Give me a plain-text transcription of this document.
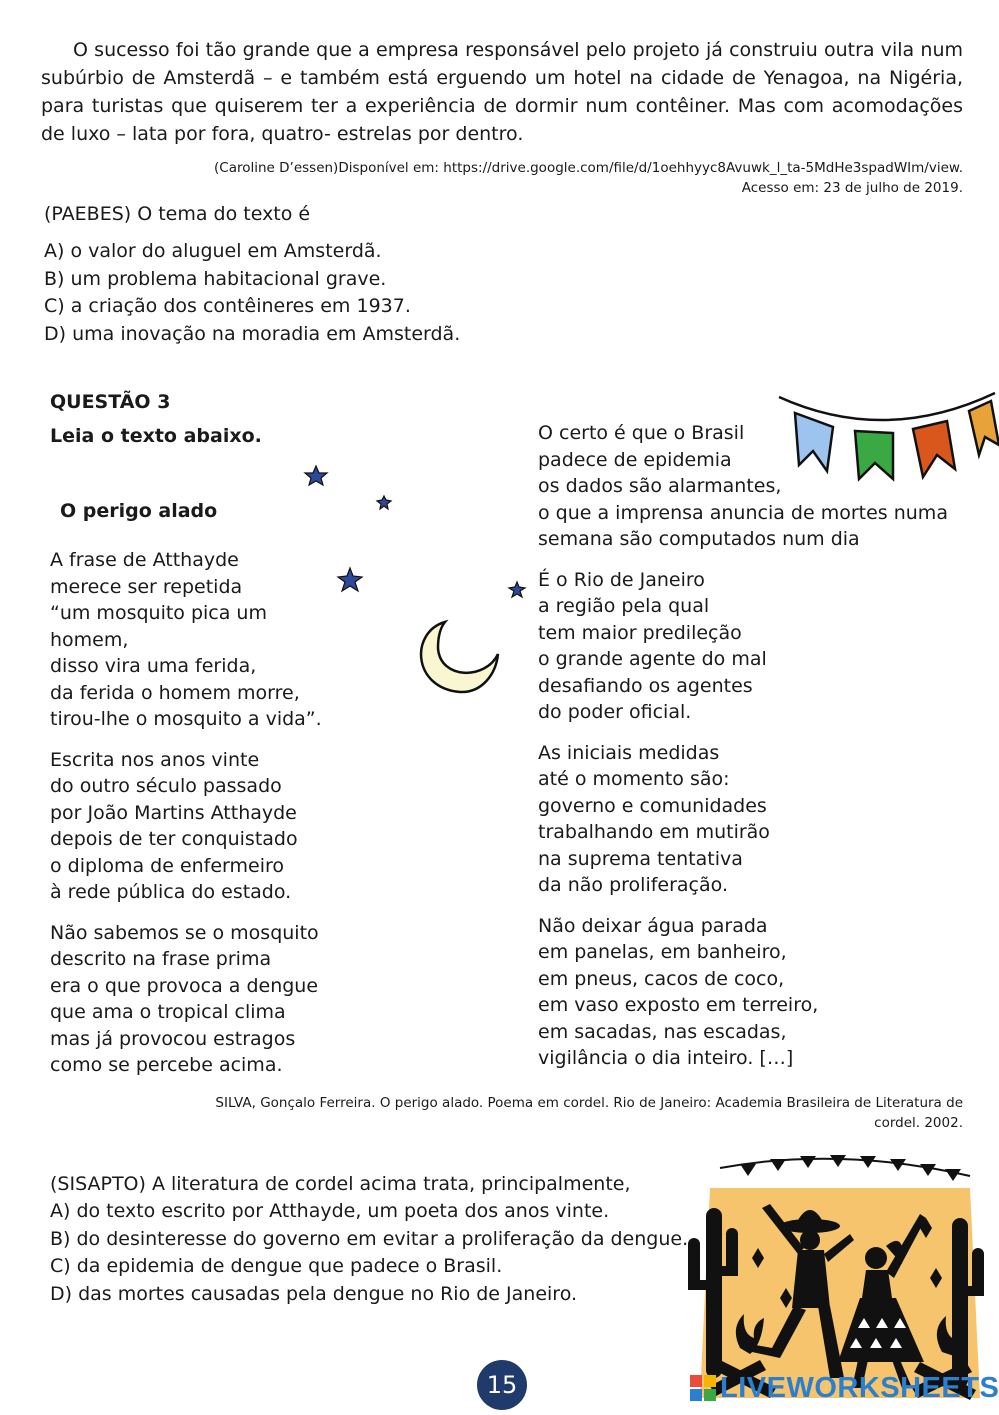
O sucesso foi tão grande que a empresa responsável pelo projeto já construiu outra vila num subúrbio de Amsterdã – e também está erguendo um hotel na cidade de Yenagoa, na Nigéria, para turistas que quiserem ter a experiência de dormir num contêiner. Mas com acomodações de luxo – lata por fora, quatro- estrelas por dentro.
(Caroline D’essen)Disponível em: https://drive.google.com/file/d/1oehhyyc8Avuwk_l_ta-5MdHe3spadWIm/view.
Acesso em: 23 de julho de 2019.
(PAEBES) O tema do texto é
A) o valor do aluguel em Amsterdã.
B) um problema habitacional grave.
C) a criação dos contêineres em 1937.
D) uma inovação na moradia em Amsterdã.
QUESTÃO 3
Leia o texto abaixo.
O perigo alado
A frase de Atthayde
merece ser repetida
“um mosquito pica um homem,
disso vira uma ferida,
da ferida o homem morre,
tirou-lhe o mosquito a vida”.
Escrita nos anos vinte
do outro século passado
por João Martins Atthayde
depois de ter conquistado
o diploma de enfermeiro
à rede pública do estado.
Não sabemos se o mosquito
descrito na frase prima
era o que provoca a dengue
que ama o tropical clima
mas já provocou estragos
como se percebe acima.
O certo é que o Brasil
padece de epidemia
os dados são alarmantes,
o que a imprensa anuncia de mortes numa
semana são computados num dia
É o Rio de Janeiro
a região pela qual
tem maior predileção
o grande agente do mal
desafiando os agentes
do poder oficial.
As iniciais medidas
até o momento são:
governo e comunidades
trabalhando em mutirão
na suprema tentativa
da não proliferação.
Não deixar água parada
em panelas, em banheiro,
em pneus, cacos de coco,
em vaso exposto em terreiro,
em sacadas, nas escadas,
vigilância o dia inteiro. […]
SILVA, Gonçalo Ferreira. O perigo alado. Poema em cordel. Rio de Janeiro: Academia Brasileira de Literatura de
cordel. 2002.
(SISAPTO) A literatura de cordel acima trata, principalmente,
A) do texto escrito por Atthayde, um poeta dos anos vinte.
B) do desinteresse do governo em evitar a proliferação da dengue.
C) da epidemia de dengue que padece o Brasil.
D) das mortes causadas pela dengue no Rio de Janeiro.
LIVEWORKSHEETS
15
